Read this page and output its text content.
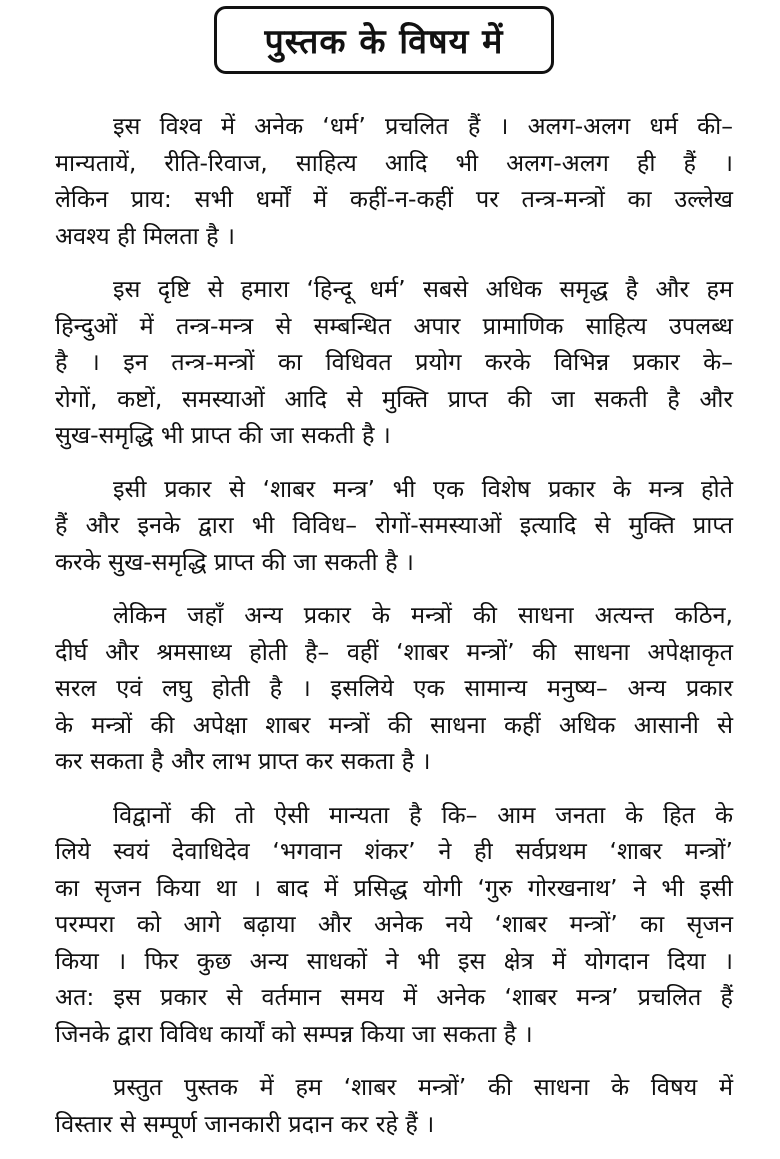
पुस्तक के विषय में
इस विश्व में अनेक ‘धर्म’ प्रचलित हैं । अलग-अलग धर्म की–
मान्यतायें, रीति-रिवाज, साहित्य आदि भी अलग-अलग ही हैं ।
लेकिन प्राय: सभी धर्मों में कहीं-न-कहीं पर तन्त्र-मन्त्रों का उल्लेख
अवश्य ही मिलता है ।
इस दृष्टि से हमारा ‘हिन्दू धर्म’ सबसे अधिक समृद्ध है और हम
हिन्दुओं में तन्त्र-मन्त्र से सम्बन्धित अपार प्रामाणिक साहित्य उपलब्ध
है । इन तन्त्र-मन्त्रों का विधिवत प्रयोग करके विभिन्न प्रकार के–
रोगों, कष्टों, समस्याओं आदि से मुक्ति प्राप्त की जा सकती है और
सुख-समृद्धि भी प्राप्त की जा सकती है ।
इसी प्रकार से ‘शाबर मन्त्र’ भी एक विशेष प्रकार के मन्त्र होते
हैं और इनके द्वारा भी विविध– रोगों-समस्याओं इत्यादि से मुक्ति प्राप्त
करके सुख-समृद्धि प्राप्त की जा सकती है ।
लेकिन जहाँ अन्य प्रकार के मन्त्रों की साधना अत्यन्त कठिन,
दीर्घ और श्रमसाध्य होती है– वहीं ‘शाबर मन्त्रों’ की साधना अपेक्षाकृत
सरल एवं लघु होती है । इसलिये एक सामान्य मनुष्य– अन्य प्रकार
के मन्त्रों की अपेक्षा शाबर मन्त्रों की साधना कहीं अधिक आसानी से
कर सकता है और लाभ प्राप्त कर सकता है ।
विद्वानों की तो ऐसी मान्यता है कि– आम जनता के हित के
लिये स्वयं देवाधिदेव ‘भगवान शंकर’ ने ही सर्वप्रथम ‘शाबर मन्त्रों’
का सृजन किया था । बाद में प्रसिद्ध योगी ‘गुरु गोरखनाथ’ ने भी इसी
परम्परा को आगे बढ़ाया और अनेक नये ‘शाबर मन्त्रों’ का सृजन
किया । फिर कुछ अन्य साधकों ने भी इस क्षेत्र में योगदान दिया ।
अत: इस प्रकार से वर्तमान समय में अनेक ‘शाबर मन्त्र’ प्रचलित हैं
जिनके द्वारा विविध कार्यों को सम्पन्न किया जा सकता है ।
प्रस्तुत पुस्तक में हम ‘शाबर मन्त्रों’ की साधना के विषय में
विस्तार से सम्पूर्ण जानकारी प्रदान कर रहे हैं ।
